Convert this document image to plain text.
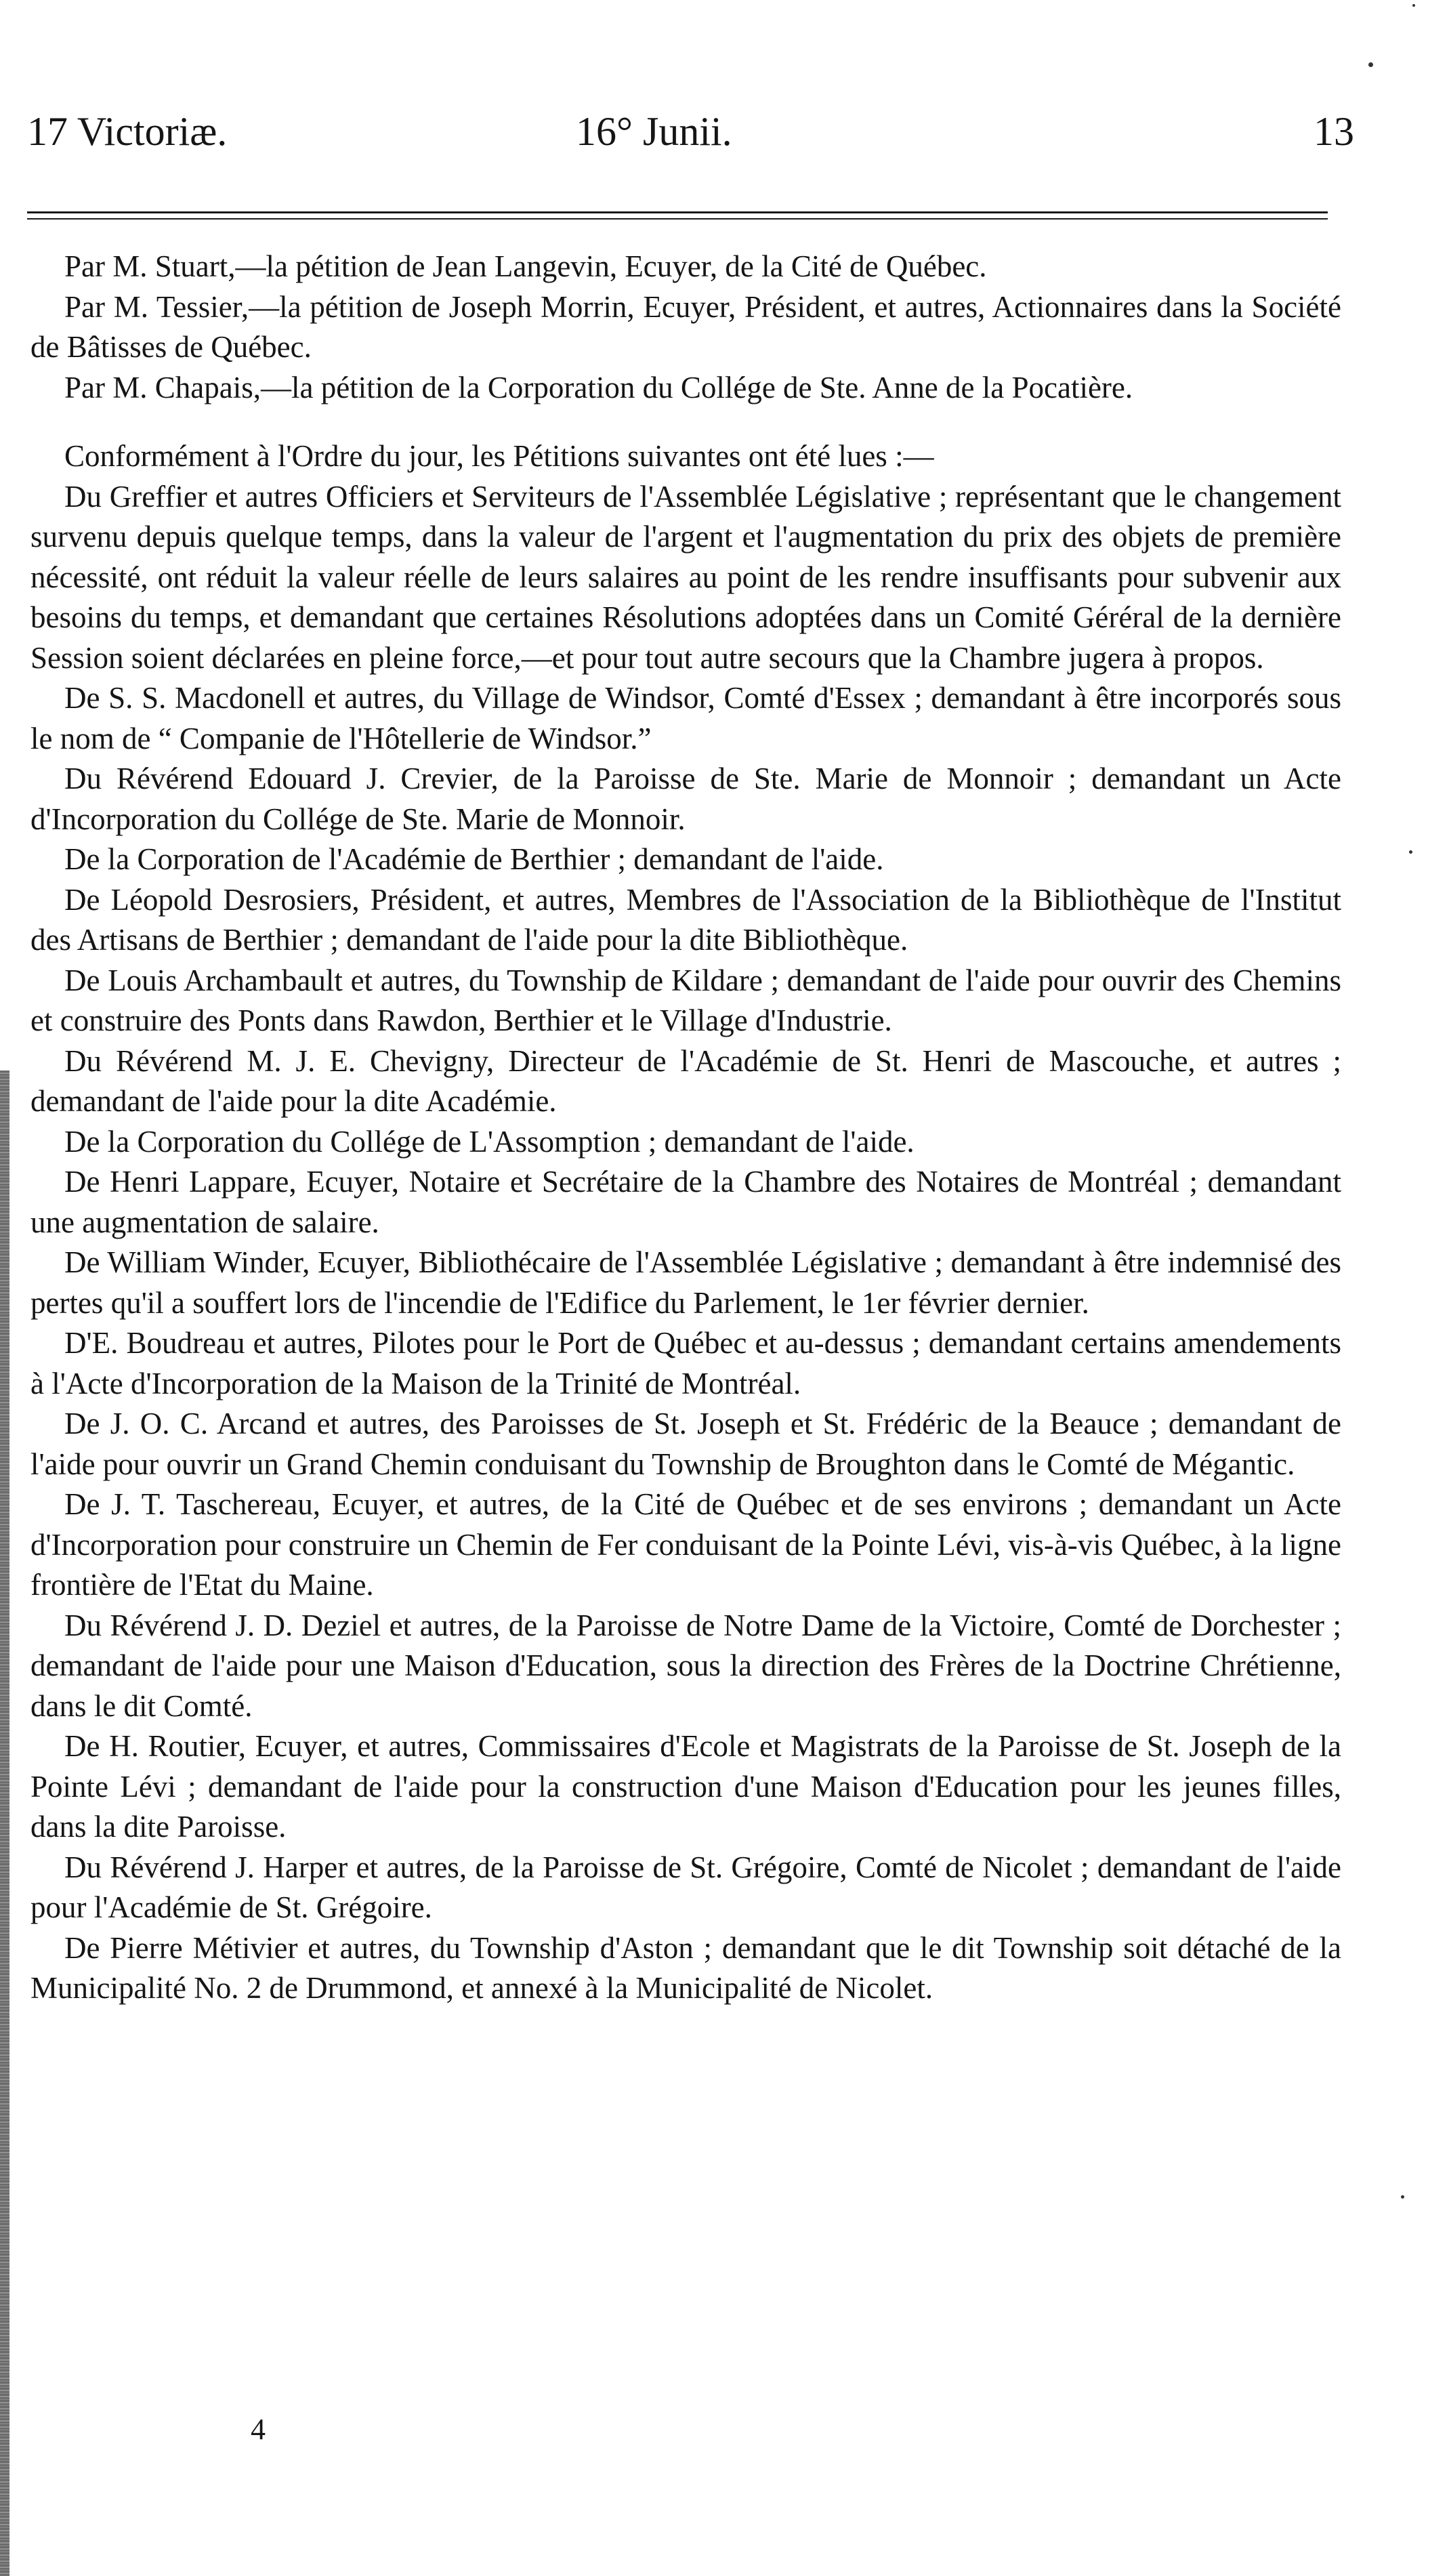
17 Victoriæ.	16° Junii.	13

Par M. Stuart,—la pétition de Jean Langevin, Ecuyer, de la Cité de Québec.

Par M. Tessier,—la pétition de Joseph Morrin, Ecuyer, Président, et autres, Actionnaires dans la Société de Bâtisses de Québec.

Par M. Chapais,—la pétition de la Corporation du Collége de Ste. Anne de la Pocatière.

Conformément à l'Ordre du jour, les Pétitions suivantes ont été lues :—

Du Greffier et autres Officiers et Serviteurs de l'Assemblée Législative ; représentant que le changement survenu depuis quelque temps, dans la valeur de l'argent et l'augmentation du prix des objets de première nécessité, ont réduit la valeur réelle de leurs salaires au point de les rendre insuffisants pour subvenir aux besoins du temps, et demandant que certaines Résolutions adoptées dans un Comité Géréral de la dernière Session soient déclarées en pleine force,—et pour tout autre secours que la Chambre jugera à propos.

De S. S. Macdonell et autres, du Village de Windsor, Comté d'Essex ; demandant à être incorporés sous le nom de “ Companie de l'Hôtellerie de Windsor.”

Du Révérend Edouard J. Crevier, de la Paroisse de Ste. Marie de Monnoir ; demandant un Acte d'Incorporation du Collége de Ste. Marie de Monnoir.

De la Corporation de l'Académie de Berthier ; demandant de l'aide.

De Léopold Desrosiers, Président, et autres, Membres de l'Association de la Bibliothèque de l'Institut des Artisans de Berthier ; demandant de l'aide pour la dite Bibliothèque.

De Louis Archambault et autres, du Township de Kildare ; demandant de l'aide pour ouvrir des Chemins et construire des Ponts dans Rawdon, Berthier et le Village d'Industrie.

Du Révérend M. J. E. Chevigny, Directeur de l'Académie de St. Henri de Mascouche, et autres ; demandant de l'aide pour la dite Académie.

De la Corporation du Collége de L'Assomption ; demandant de l'aide.

De Henri Lappare, Ecuyer, Notaire et Secrétaire de la Chambre des Notaires de Montréal ; demandant une augmentation de salaire.

De William Winder, Ecuyer, Bibliothécaire de l'Assemblée Législative ; demandant à être indemnisé des pertes qu'il a souffert lors de l'incendie de l'Edifice du Parlement, le 1er février dernier.

D'E. Boudreau et autres, Pilotes pour le Port de Québec et au-dessus ; demandant certains amendements à l'Acte d'Incorporation de la Maison de la Trinité de Montréal.

De J. O. C. Arcand et autres, des Paroisses de St. Joseph et St. Frédéric de la Beauce ; demandant de l'aide pour ouvrir un Grand Chemin conduisant du Township de Broughton dans le Comté de Mégantic.

De J. T. Taschereau, Ecuyer, et autres, de la Cité de Québec et de ses environs ; demandant un Acte d'Incorporation pour construire un Chemin de Fer conduisant de la Pointe Lévi, vis-à-vis Québec, à la ligne frontière de l'Etat du Maine.

Du Révérend J. D. Deziel et autres, de la Paroisse de Notre Dame de la Victoire, Comté de Dorchester ; demandant de l'aide pour une Maison d'Education, sous la direction des Frères de la Doctrine Chrétienne, dans le dit Comté.

De H. Routier, Ecuyer, et autres, Commissaires d'Ecole et Magistrats de la Paroisse de St. Joseph de la Pointe Lévi ; demandant de l'aide pour la construction d'une Maison d'Education pour les jeunes filles, dans la dite Paroisse.

Du Révérend J. Harper et autres, de la Paroisse de St. Grégoire, Comté de Nicolet ; demandant de l'aide pour l'Académie de St. Grégoire.

De Pierre Métivier et autres, du Township d'Aston ; demandant que le dit Township soit détaché de la Municipalité No. 2 de Drummond, et annexé à la Municipalité de Nicolet.

4
